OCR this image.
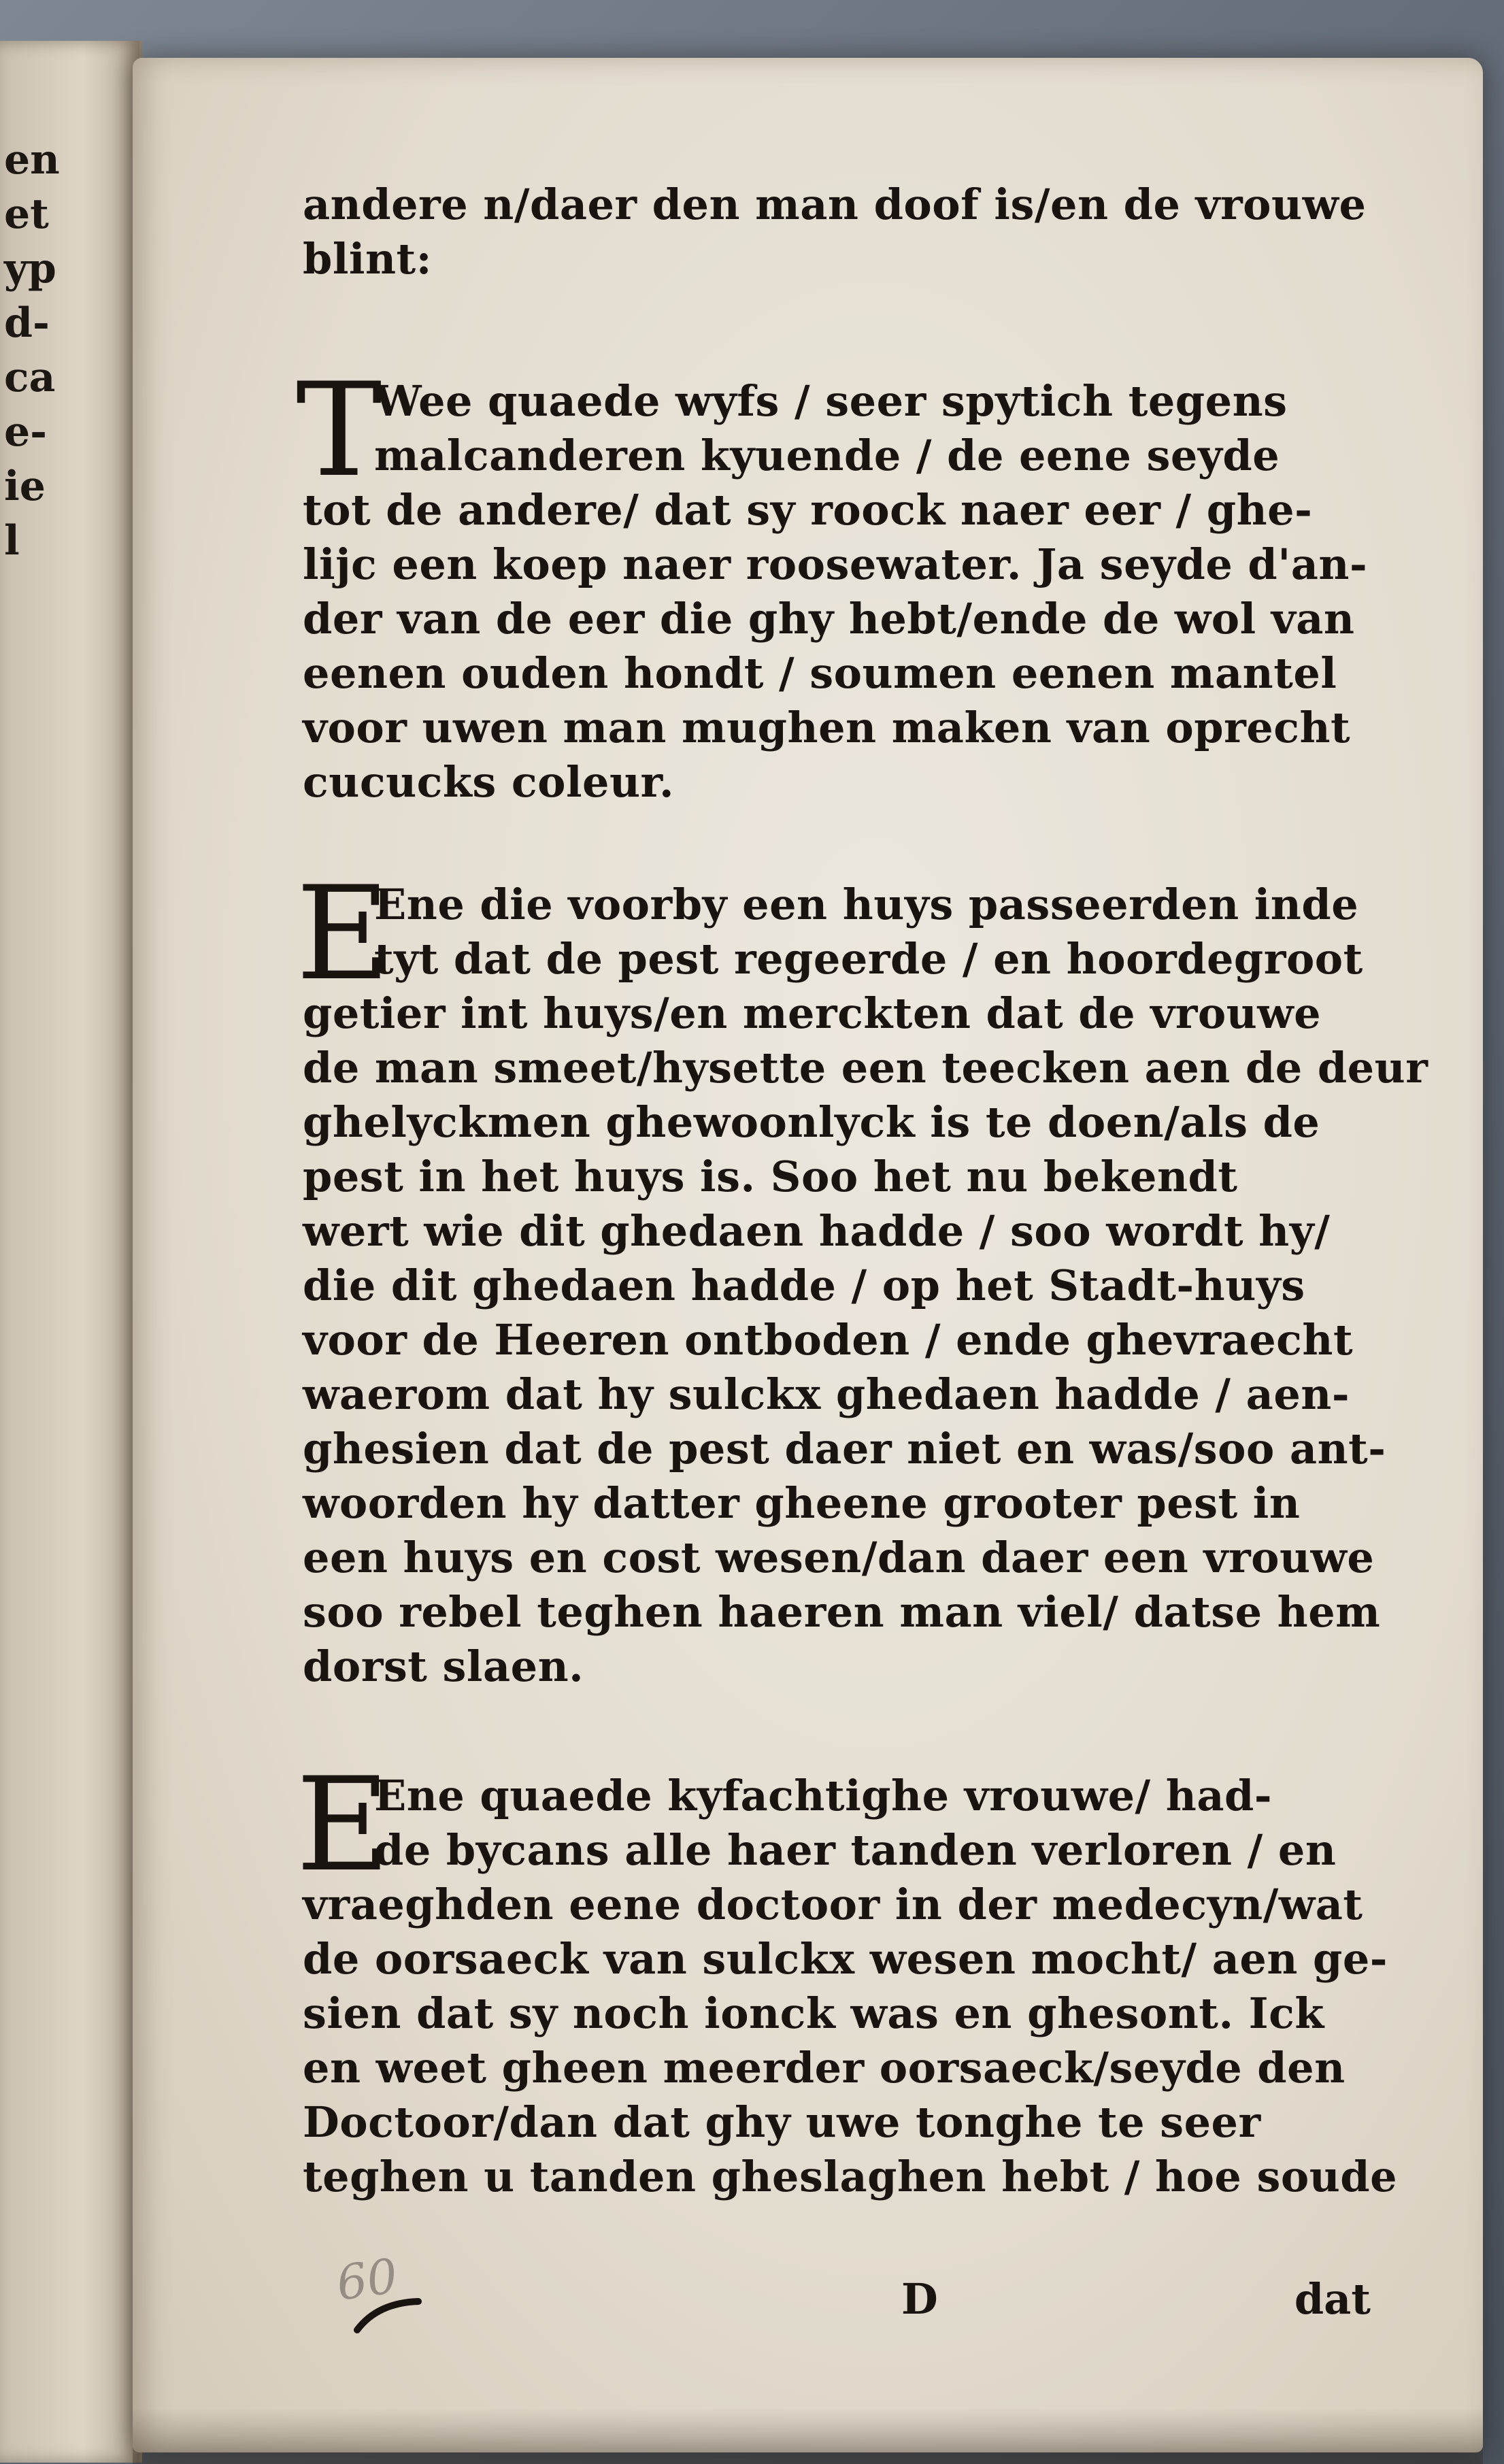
en
et
yp
d-
ca
e-
ie
l
andere n/daer den man doof is/en de vrouwe
blint:
T
Wee quaede wyfs / seer spytich tegens
malcanderen kyuende / de eene seyde
tot de andere/ dat sy roock naer eer / ghe-
lijc een koep naer roosewater. Ja seyde d'an-
der van de eer die ghy hebt/ende de wol van
eenen ouden hondt / soumen eenen mantel
voor uwen man mughen maken van oprecht
cucucks coleur.
E
Ene die voorby een huys passeerden inde
tyt dat de pest regeerde / en hoordegroot
getier int huys/en merckten dat de vrouwe
de man smeet/hysette een teecken aen de deur
ghelyckmen ghewoonlyck is te doen/als de
pest in het huys is. Soo het nu bekendt
wert wie dit ghedaen hadde / soo wordt hy/
die dit ghedaen hadde / op het Stadt-huys
voor de Heeren ontboden / ende ghevraecht
waerom dat hy sulckx ghedaen hadde / aen-
ghesien dat de pest daer niet en was/soo ant-
woorden hy datter gheene grooter pest in
een huys en cost wesen/dan daer een vrouwe
soo rebel teghen haeren man viel/ datse hem
dorst slaen.
E
Ene quaede kyfachtighe vrouwe/ had-
de bycans alle haer tanden verloren / en
vraeghden eene doctoor in der medecyn/wat
de oorsaeck van sulckx wesen mocht/ aen ge-
sien dat sy noch ionck was en ghesont. Ick
en weet gheen meerder oorsaeck/seyde den
Doctoor/dan dat ghy uwe tonghe te seer
teghen u tanden gheslaghen hebt / hoe soude
D	dat
60
